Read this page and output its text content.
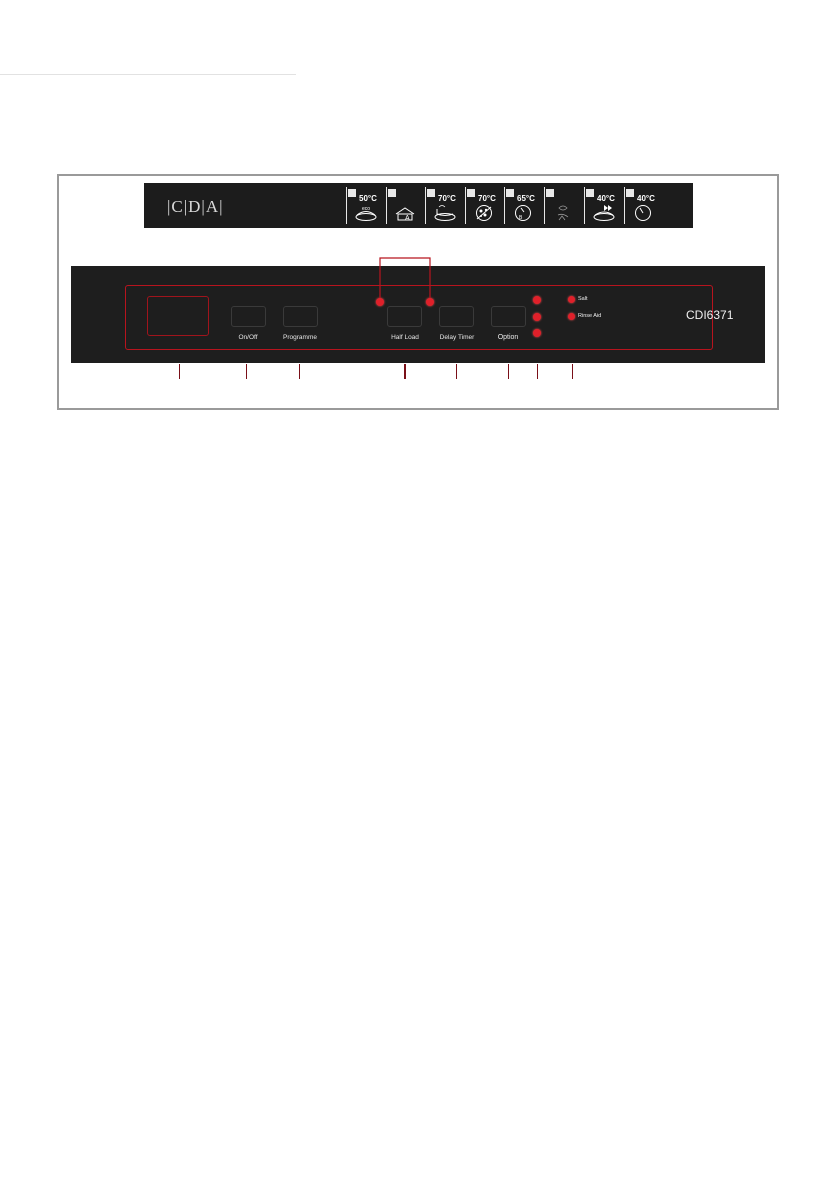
|C|D|A|	50°C
eco
A
70°C	70°C	65°C
B
40°C	40°C
On/Off	Programme	Half Load	Delay Timer	Option
Salt
Rinse Aid	CDI6371
